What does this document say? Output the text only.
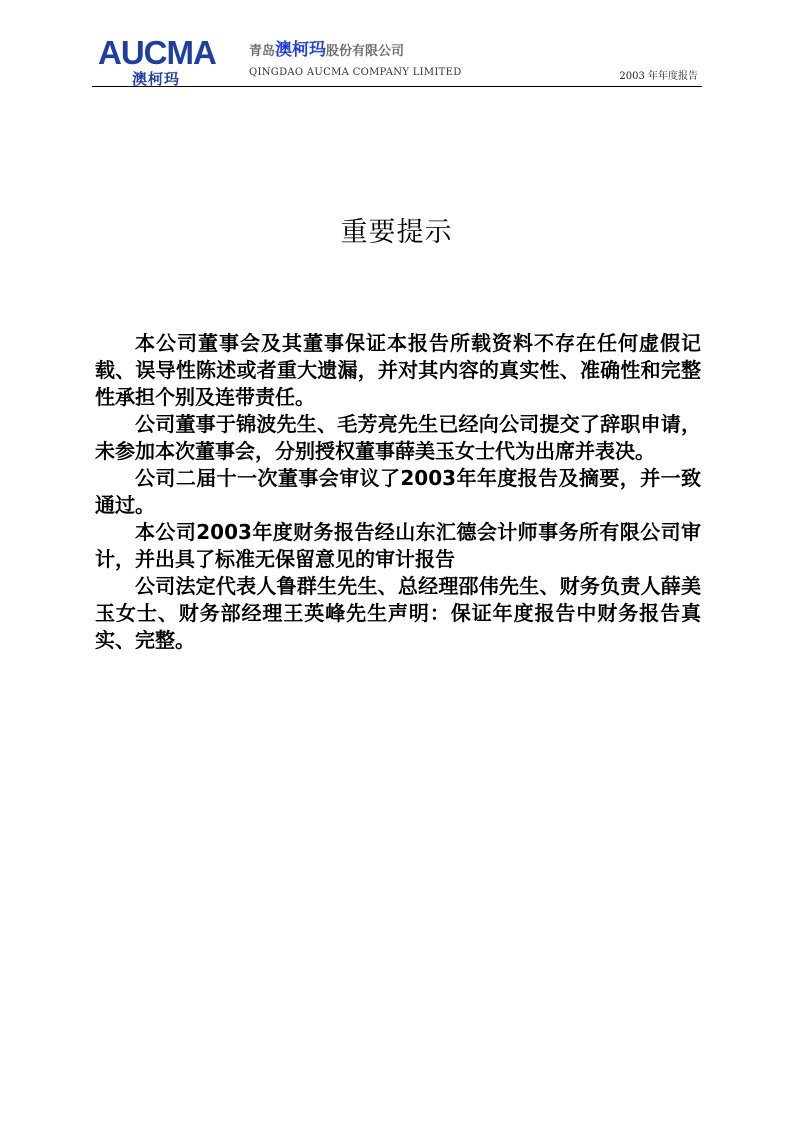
AUCMA
澳柯玛
青岛澳柯玛股份有限公司
QINGDAO AUCMA COMPANY LIMITED	2003 年年度报告
重要提示

本公司董事会及其董事保证本报告所载资料不存在任何虚假记载、误导性陈述或者重大遗漏，并对其内容的真实性、准确性和完整性承担个别及连带责任。

公司董事于锦波先生、毛芳亮先生已经向公司提交了辞职申请，未参加本次董事会，分别授权董事薛美玉女士代为出席并表决。

公司二届十一次董事会审议了2003年年度报告及摘要，并一致通过。

本公司2003年度财务报告经山东汇德会计师事务所有限公司审计，并出具了标准无保留意见的审计报告

公司法定代表人鲁群生先生、总经理邵伟先生、财务负责人薛美玉女士、财务部经理王英峰先生声明：保证年度报告中财务报告真实、完整。
